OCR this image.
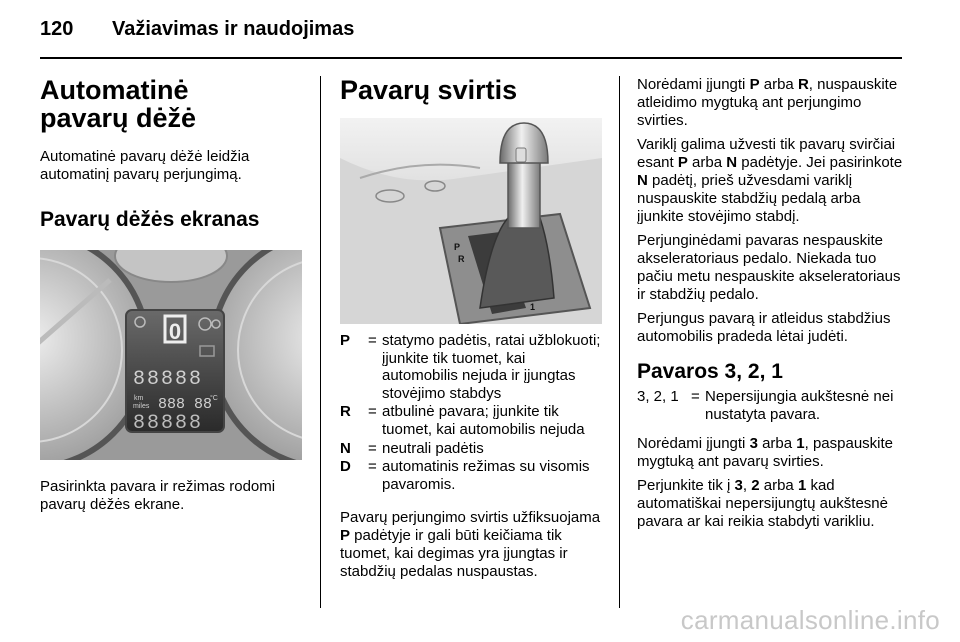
120 Važiavimas ir naudojimas
Automatinė pavarų dėžė
Automatinė pavarų dėžė leidžia automatinį pavarų perjungimą.
Pavarų dėžės ekranas
0
88888
km
miles 888 88
°C
88888
Pasirinkta pavara ir režimas rodomi pavarų dėžės ekrane.
Pavarų svirtis
P
R
1
P	= statymo padėtis, ratai užblokuoti; įjunkite tik tuomet, kai automobilis nejuda ir įjungtas stovėjimo stabdys
R	= atbulinė pavara; įjunkite tik tuomet, kai automobilis nejuda
N	= neutrali padėtis
D	= automatinis režimas su visomis pavaromis.
Pavarų perjungimo svirtis užfiksuojama P padėtyje ir gali būti keičiama tik tuomet, kai degimas yra įjungtas ir stabdžių pedalas nuspaustas.

Norėdami įjungti P arba R, nuspauskite atleidimo mygtuką ant perjungimo svirties.

Variklį galima užvesti tik pavarų svirčiai esant P arba N padėtyje. Jei pasirinkote N padėtį, prieš užvesdami variklį nuspauskite stabdžių pedalą arba įjunkite stovėjimo stabdį.

Perjunginėdami pavaras nespauskite akseleratoriaus pedalo. Niekada tuo pačiu metu nespauskite akseleratoriaus ir stabdžių pedalo.

Perjungus pavarą ir atleidus stabdžius automobilis pradeda lėtai judėti.

Pavaros 3, 2, 1
3, 2, 1 = Nepersijungia aukštesnė nei nustatyta pavara.

Norėdami įjungti 3 arba 1, paspauskite mygtuką ant pavarų svirties.

Perjunkite tik į 3, 2 arba 1 kad automatiškai nepersijungtų aukštesnė pavara ar kai reikia stabdyti varikliu.

carmanualsonline.info
